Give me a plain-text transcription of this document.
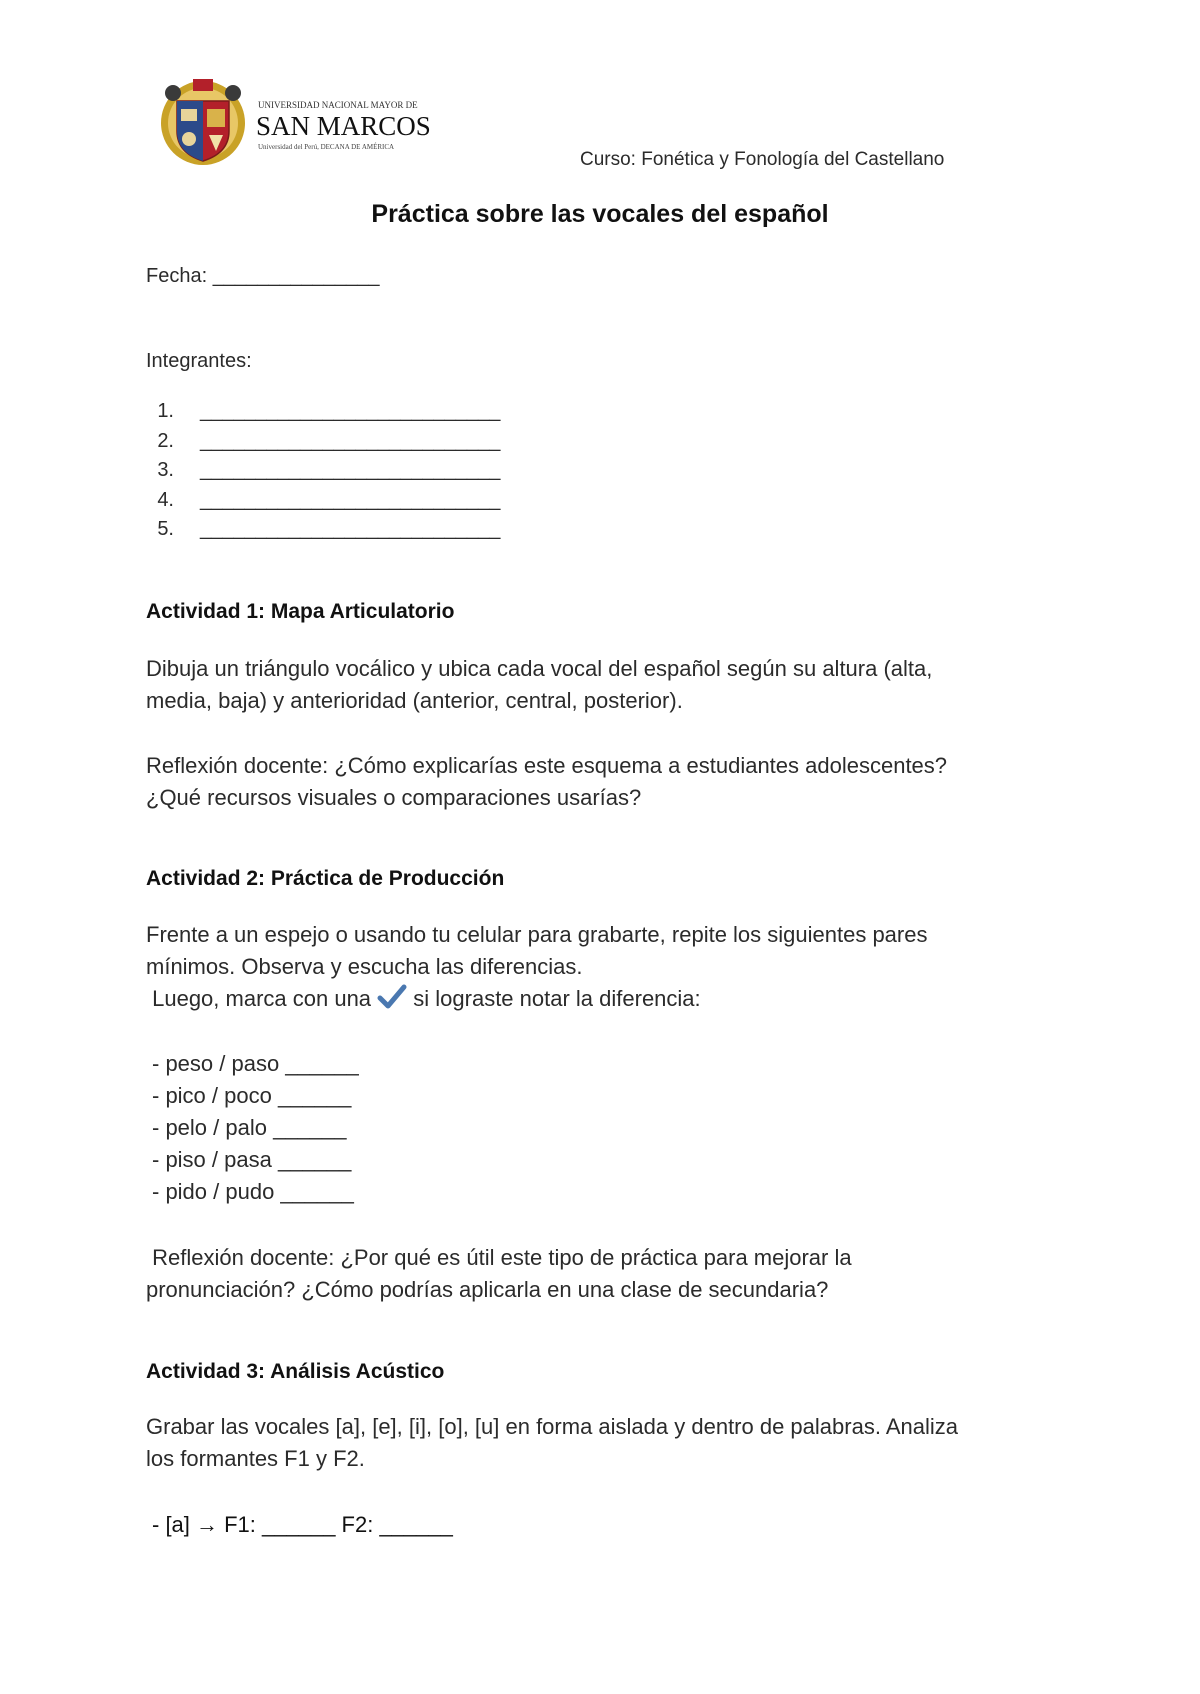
UNIVERSIDAD NACIONAL MAYOR DE
SAN MARCOS
Universidad del Perú, DECANA DE AMÉRICA
Curso: Fonética y Fonología del Castellano
Práctica sobre las vocales del español
Fecha: _______________
Integrantes:
1.	___________________________
2.	___________________________
3.	___________________________
4.	___________________________
5.	___________________________
Actividad 1: Mapa Articulatorio

Dibuja un triángulo vocálico y ubica cada vocal del español según su altura (alta,
media, baja) y anterioridad (anterior, central, posterior).

Reflexión docente: ¿Cómo explicarías este esquema a estudiantes adolescentes?
¿Qué recursos visuales o comparaciones usarías?

Actividad 2: Práctica de Producción

Frente a un espejo o usando tu celular para grabarte, repite los siguientes pares
mínimos. Observa y escucha las diferencias.
Luego, marca con una  si lograste notar la diferencia:

- peso / paso ______
- pico / poco ______
- pelo / palo ______
- piso / pasa ______
- pido / pudo ______

Reflexión docente: ¿Por qué es útil este tipo de práctica para mejorar la
pronunciación? ¿Cómo podrías aplicarla en una clase de secundaria?

Actividad 3: Análisis Acústico

Grabar las vocales [a], [e], [i], [o], [u] en forma aislada y dentro de palabras. Analiza
los formantes F1 y F2.

- [a] → F1: ______ F2: ______
